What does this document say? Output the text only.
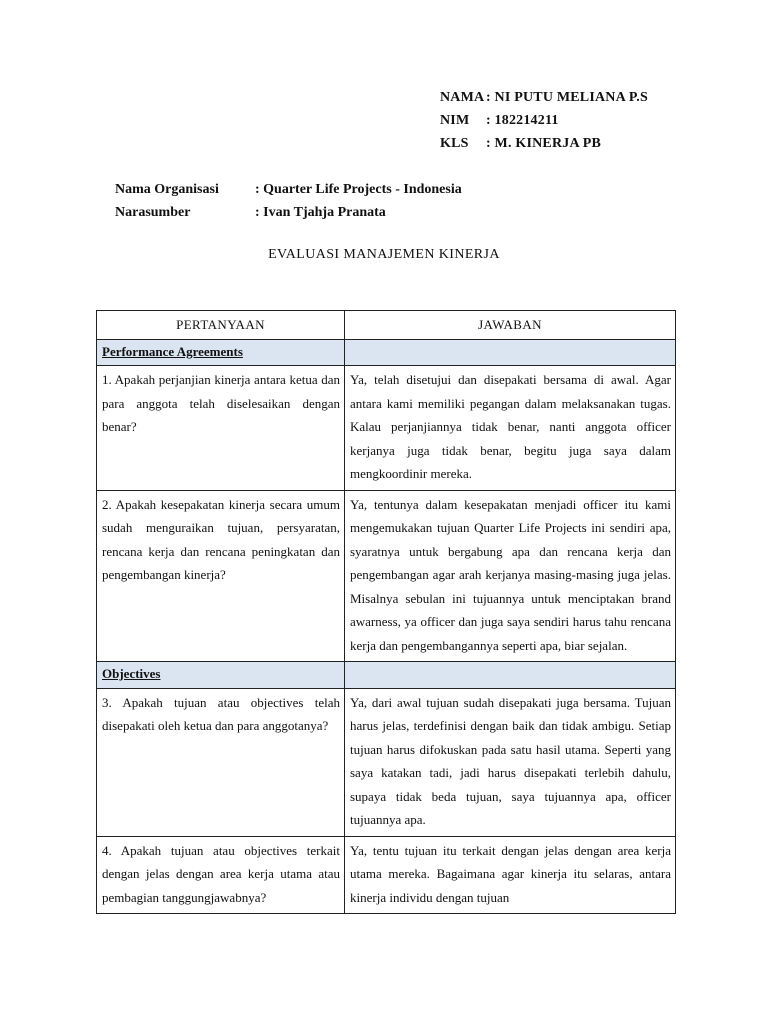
NAMA : NI PUTU MELIANA P.S
NIM	: 182214211
KLS	: M. KINERJA PB
Nama Organisasi	: Quarter Life Projects - Indonesia
Narasumber	: Ivan Tjahja Pranata
EVALUASI MANAJEMEN KINERJA
PERTANYAAN	JAWABAN
Performance Agreements	
1. Apakah perjanjian kinerja antara ketua dan para anggota telah diselesaikan dengan benar?	Ya, telah disetujui dan disepakati bersama di awal. Agar antara kami memiliki pegangan dalam melaksanakan tugas. Kalau perjanjiannya tidak benar, nanti anggota officer kerjanya juga tidak benar, begitu juga saya dalam mengkoordinir mereka.
2. Apakah kesepakatan kinerja secara umum sudah menguraikan tujuan, persyaratan, rencana kerja dan rencana peningkatan dan pengembangan kinerja?	Ya, tentunya dalam kesepakatan menjadi officer itu kami mengemukakan tujuan Quarter Life Projects ini sendiri apa, syaratnya untuk bergabung apa dan rencana kerja dan pengembangan agar arah kerjanya masing-masing juga jelas. Misalnya sebulan ini tujuannya untuk menciptakan brand awarness, ya officer dan juga saya sendiri harus tahu rencana kerja dan pengembangannya seperti apa, biar sejalan.
Objectives	
3. Apakah tujuan atau objectives telah disepakati oleh ketua dan para anggotanya?	Ya, dari awal tujuan sudah disepakati juga bersama. Tujuan harus jelas, terdefinisi dengan baik dan tidak ambigu. Setiap tujuan harus difokuskan pada satu hasil utama. Seperti yang saya katakan tadi, jadi harus disepakati terlebih dahulu, supaya tidak beda tujuan, saya tujuannya apa, officer tujuannya apa.
4. Apakah tujuan atau objectives terkait dengan jelas dengan area kerja utama atau pembagian tanggungjawabnya?	Ya, tentu tujuan itu terkait dengan jelas dengan area kerja utama mereka. Bagaimana agar kinerja itu selaras, antara kinerja individu dengan tujuan
